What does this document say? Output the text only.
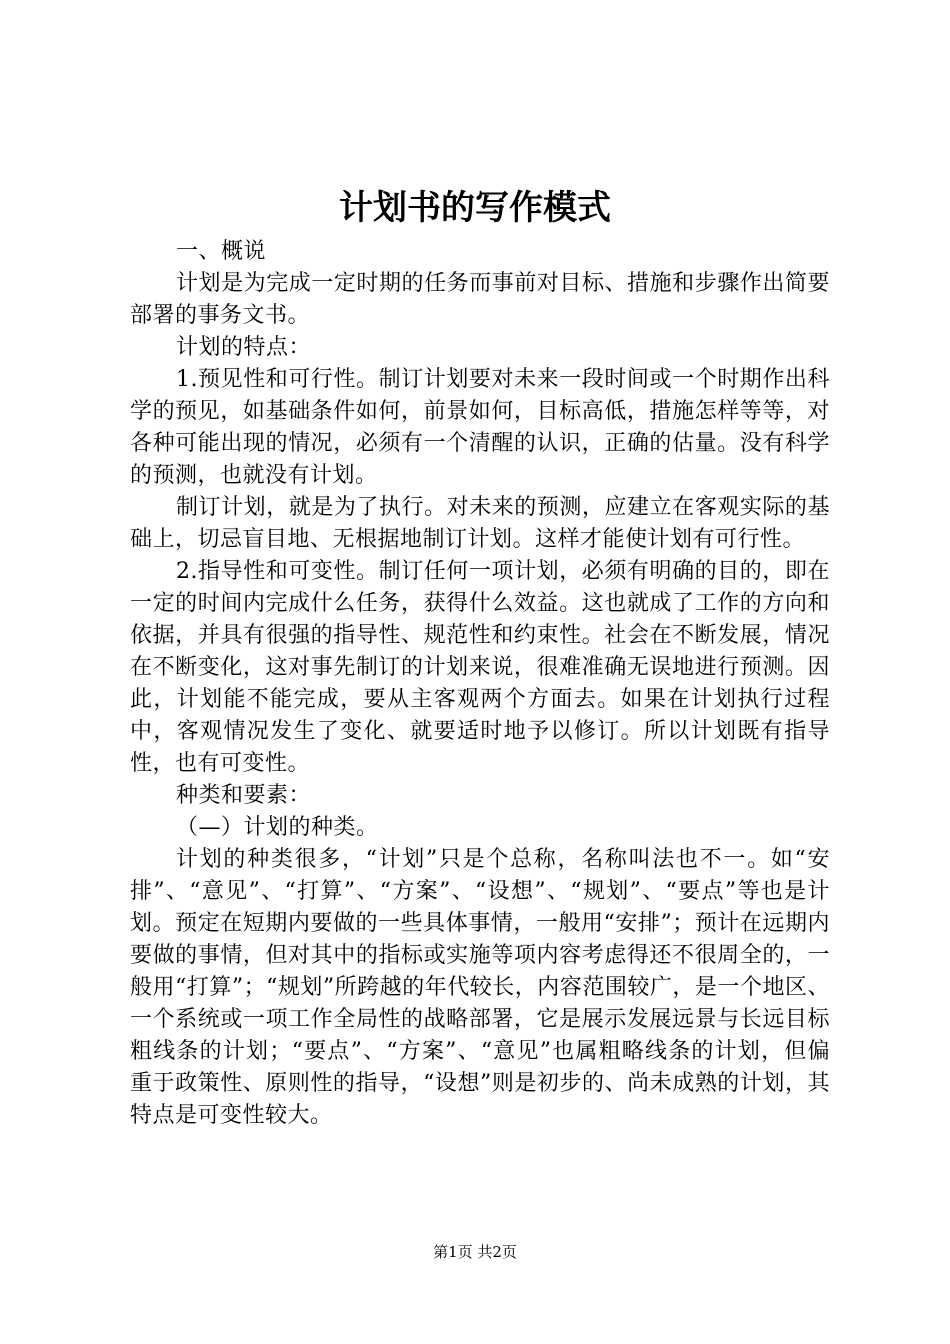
计划书的写作模式

一、概说

计划是为完成一定时期的任务而事前对目标、措施和步骤作出简要部署的事务文书。

计划的特点：

1.预见性和可行性。制订计划要对未来一段时间或一个时期作出科学的预见，如基础条件如何，前景如何，目标高低，措施怎样等等，对各种可能出现的情况，必须有一个清醒的认识，正确的估量。没有科学的预测，也就没有计划。

制订计划，就是为了执行。对未来的预测，应建立在客观实际的基础上，切忌盲目地、无根据地制订计划。这样才能使计划有可行性。

2.指导性和可变性。制订任何一项计划，必须有明确的目的，即在一定的时间内完成什么任务，获得什么效益。这也就成了工作的方向和依据，并具有很强的指导性、规范性和约束性。社会在不断发展，情况在不断变化，这对事先制订的计划来说，很难准确无误地进行预测。因此，计划能不能完成，要从主客观两个方面去。如果在计划执行过程中，客观情况发生了变化、就要适时地予以修订。所以计划既有指导性，也有可变性。

种类和要素：

（—）计划的种类。

计划的种类很多，“计划”只是个总称，名称叫法也不一。如“安排”、“意见”、“打算”、“方案”、“设想”、“规划”、“要点”等也是计划。预定在短期内要做的一些具体事情，一般用“安排”；预计在远期内要做的事情，但对其中的指标或实施等项内容考虑得还不很周全的，一般用“打算”；“规划”所跨越的年代较长，内容范围较广，是一个地区、一个系统或一项工作全局性的战略部署，它是展示发展远景与长远目标粗线条的计划；“要点”、“方案”、“意见”也属粗略线条的计划，但偏重于政策性、原则性的指导，“设想”则是初步的、尚未成熟的计划，其特点是可变性较大。

第1页 共2页
